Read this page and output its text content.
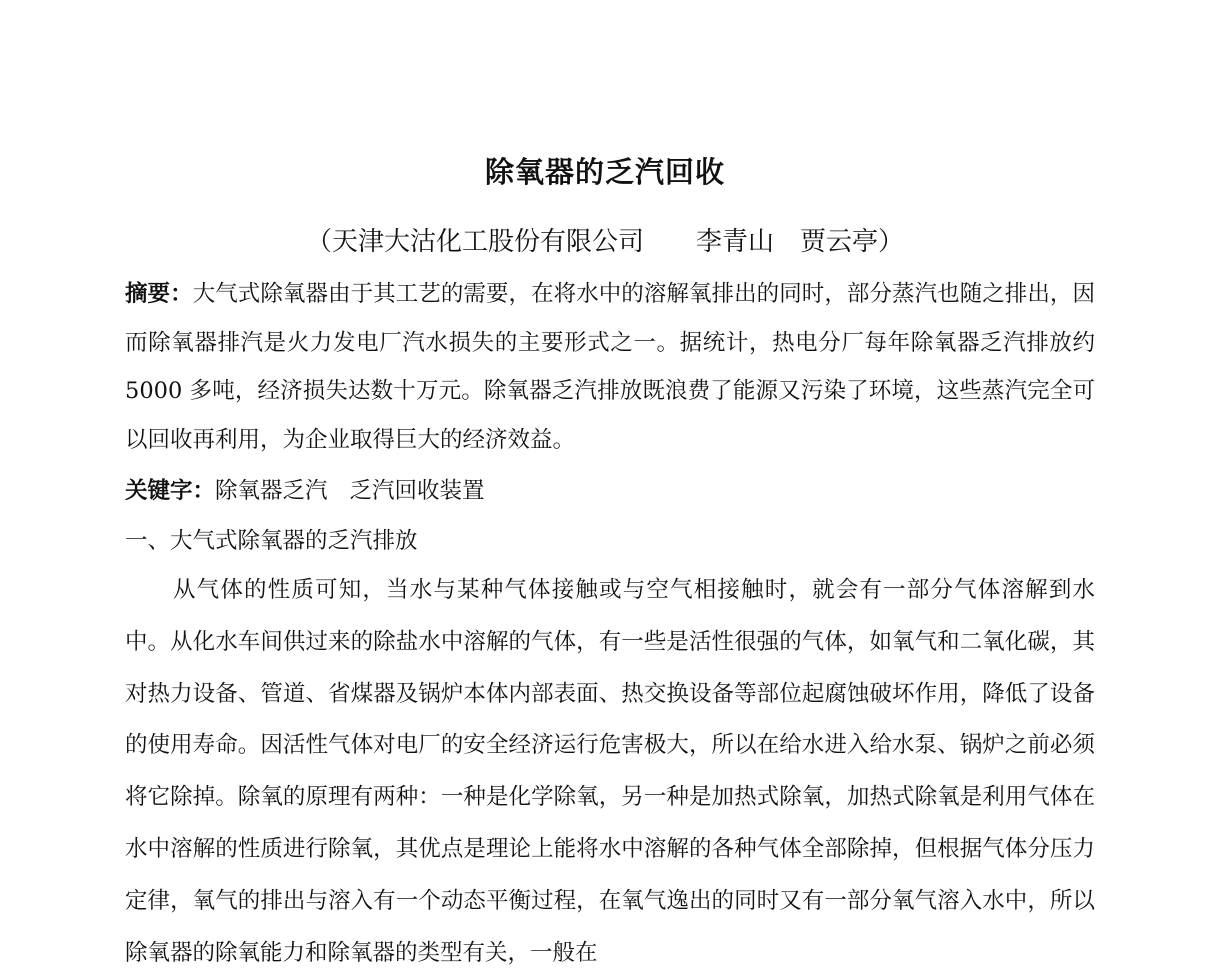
除氧器的乏汽回收

（天津大沽化工股份有限公司　　李青山　贾云亭）

摘要：大气式除氧器由于其工艺的需要，在将水中的溶解氧排出的同时，部分蒸汽也随之排出，因而除氧器排汽是火力发电厂汽水损失的主要形式之一。据统计，热电分厂每年除氧器乏汽排放约 5000 多吨，经济损失达数十万元。除氧器乏汽排放既浪费了能源又污染了环境，这些蒸汽完全可以回收再利用，为企业取得巨大的经济效益。

关键字：除氧器乏汽 乏汽回收装置

一、大气式除氧器的乏汽排放

从气体的性质可知，当水与某种气体接触或与空气相接触时，就会有一部分气体溶解到水中。从化水车间供过来的除盐水中溶解的气体，有一些是活性很强的气体，如氧气和二氧化碳，其对热力设备、管道、省煤器及锅炉本体内部表面、热交换设备等部位起腐蚀破坏作用，降低了设备的使用寿命。因活性气体对电厂的安全经济运行危害极大，所以在给水进入给水泵、锅炉之前必须将它除掉。除氧的原理有两种：一种是化学除氧，另一种是加热式除氧，加热式除氧是利用气体在水中溶解的性质进行除氧，其优点是理论上能将水中溶解的各种气体全部除掉，但根据气体分压力定律，氧气的排出与溶入有一个动态平衡过程，在氧气逸出的同时又有一部分氧气溶入水中，所以除氧器的除氧能力和除氧器的类型有关，一般在
